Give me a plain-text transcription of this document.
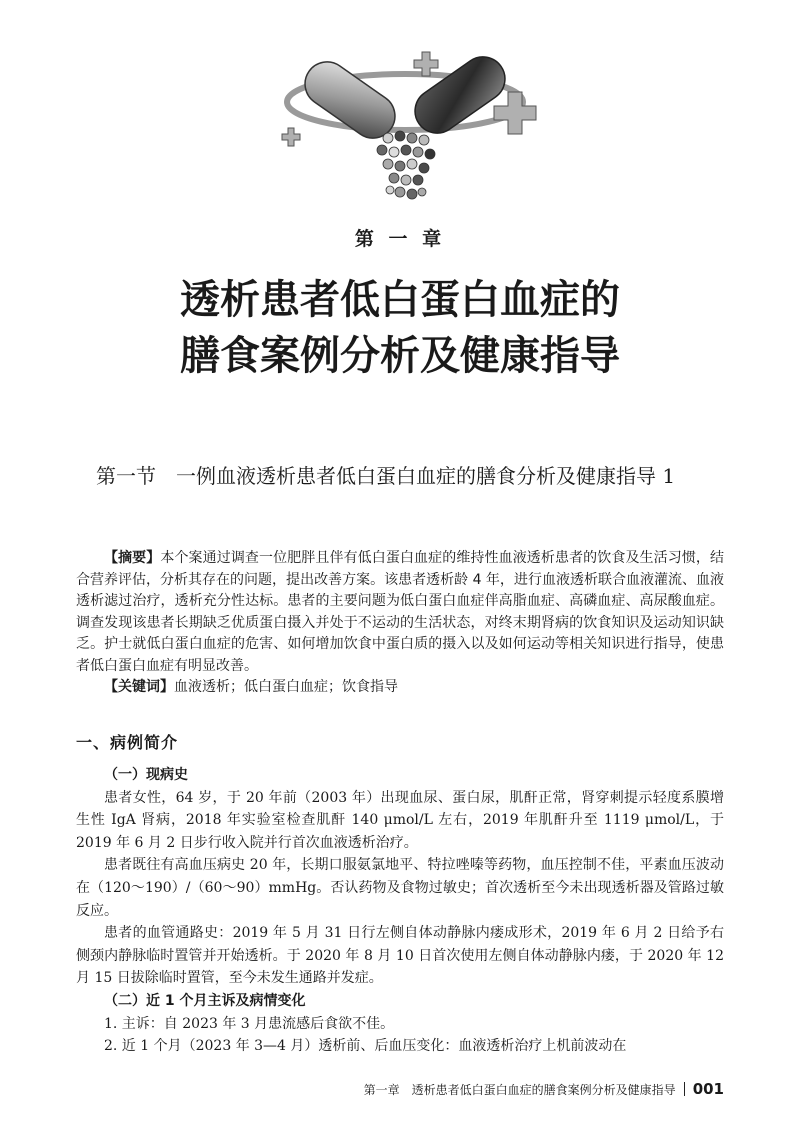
第 一 章
透析患者低白蛋白血症的
膳食案例分析及健康指导
第一节　一例血液透析患者低白蛋白血症的膳食分析及健康指导 1

【摘要】本个案通过调查一位肥胖且伴有低白蛋白血症的维持性血液透析患者的饮食及生活习惯，结合营养评估，分析其存在的问题，提出改善方案。该患者透析龄 4 年，进行血液透析联合血液灌流、血液透析滤过治疗，透析充分性达标。患者的主要问题为低白蛋白血症伴高脂血症、高磷血症、高尿酸血症。调查发现该患者长期缺乏优质蛋白摄入并处于不运动的生活状态，对终末期肾病的饮食知识及运动知识缺乏。护士就低白蛋白血症的危害、如何增加饮食中蛋白质的摄入以及如何运动等相关知识进行指导，使患者低白蛋白血症有明显改善。

【关键词】血液透析；低白蛋白血症；饮食指导

一、病例简介

（一）现病史

患者女性，64 岁，于 20 年前（2003 年）出现血尿、蛋白尿，肌酐正常，肾穿刺提示轻度系膜增生性 IgA 肾病，2018 年实验室检查肌酐 140 μmol/L 左右，2019 年肌酐升至 1119 μmol/L，于 2019 年 6 月 2 日步行收入院并行首次血液透析治疗。

患者既往有高血压病史 20 年，长期口服氨氯地平、特拉唑嗪等药物，血压控制不佳，平素血压波动在（120～190）/（60～90）mmHg。否认药物及食物过敏史；首次透析至今未出现透析器及管路过敏反应。

患者的血管通路史：2019 年 5 月 31 日行左侧自体动静脉内瘘成形术，2019 年 6 月 2 日给予右侧颈内静脉临时置管并开始透析。于 2020 年 8 月 10 日首次使用左侧自体动静脉内瘘，于 2020 年 12 月 15 日拔除临时置管，至今未发生通路并发症。

（二）近 1 个月主诉及病情变化

1. 主诉：自 2023 年 3 月患流感后食欲不佳。

2. 近 1 个月（2023 年 3—4 月）透析前、后血压变化：血液透析治疗上机前波动在

第一章　透析患者低白蛋白血症的膳食案例分析及健康指导 001
